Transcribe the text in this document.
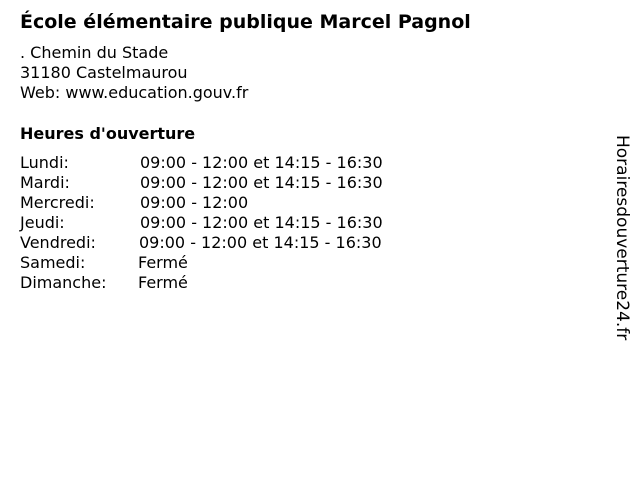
École élémentaire publique Marcel Pagnol
. Chemin du Stade
31180 Castelmaurou
Web: www.education.gouv.fr
Heures d'ouverture
Lundi:	09:00 - 12:00 et 14:15 - 16:30
Mardi:	09:00 - 12:00 et 14:15 - 16:30
Mercredi:	09:00 - 12:00
Jeudi:	09:00 - 12:00 et 14:15 - 16:30
Vendredi:	09:00 - 12:00 et 14:15 - 16:30
Samedi:	Fermé
Dimanche: Fermé	Horairesdouverture24.fr
